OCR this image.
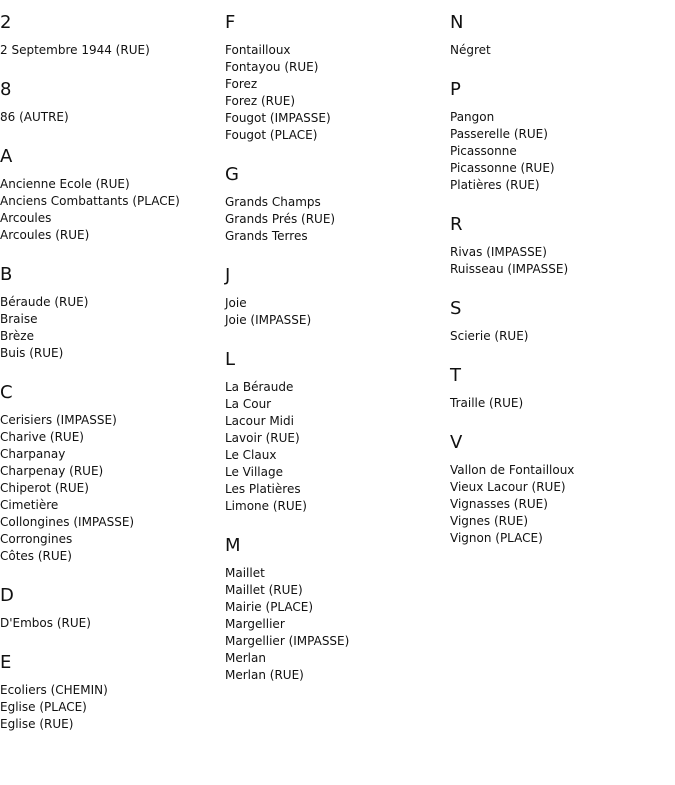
2
2 Septembre 1944 (RUE)
8
86 (AUTRE)
A
Ancienne Ecole (RUE)
Anciens Combattants (PLACE)
Arcoules
Arcoules (RUE)
B
Béraude (RUE)
Braise
Brèze
Buis (RUE)
C
Cerisiers (IMPASSE)
Charive (RUE)
Charpanay
Charpenay (RUE)
Chiperot (RUE)
Cimetière
Collongines (IMPASSE)
Corrongines
Côtes (RUE)
D
D'Embos (RUE)
E
Ecoliers (CHEMIN)
Eglise (PLACE)
Eglise (RUE)
F
Fontailloux
Fontayou (RUE)
Forez
Forez (RUE)
Fougot (IMPASSE)
Fougot (PLACE)
G
Grands Champs
Grands Prés (RUE)
Grands Terres
J
Joie
Joie (IMPASSE)
L
La Béraude
La Cour
Lacour Midi
Lavoir (RUE)
Le Claux
Le Village
Les Platières
Limone (RUE)
M
Maillet
Maillet (RUE)
Mairie (PLACE)
Margellier
Margellier (IMPASSE)
Merlan
Merlan (RUE)
N
Négret
P
Pangon
Passerelle (RUE)
Picassonne
Picassonne (RUE)
Platières (RUE)
R
Rivas (IMPASSE)
Ruisseau (IMPASSE)
S
Scierie (RUE)
T
Traille (RUE)
V
Vallon de Fontailloux
Vieux Lacour (RUE)
Vignasses (RUE)
Vignes (RUE)
Vignon (PLACE)
